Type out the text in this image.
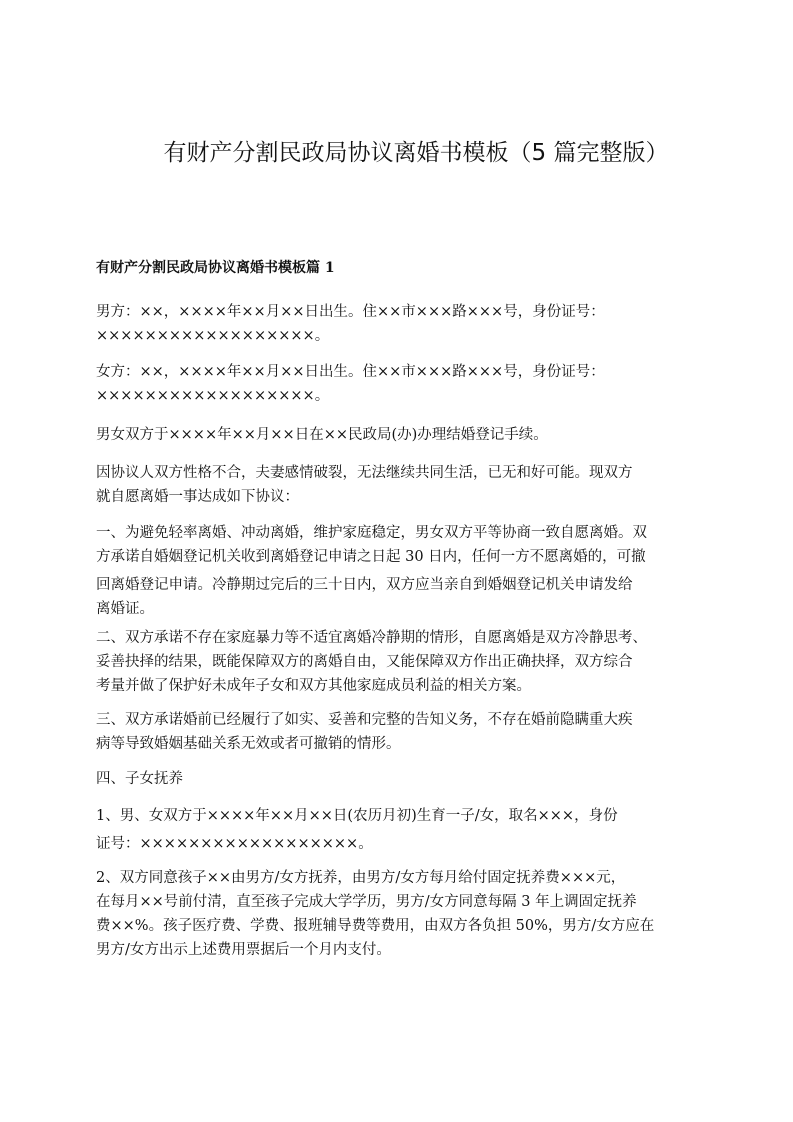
有财产分割民政局协议离婚书模板（5 篇完整版）
有财产分割民政局协议离婚书模板篇 1
男方：××，××××年××月××日出生。住××市×××路×××号，身份证号：
××××××××××××××××××。
女方：××，××××年××月××日出生。住××市×××路×××号，身份证号：
××××××××××××××××××。
男女双方于××××年××月××日在××民政局(办)办理结婚登记手续。
因协议人双方性格不合，夫妻感情破裂，无法继续共同生活，已无和好可能。现双方
就自愿离婚一事达成如下协议：
一、为避免轻率离婚、冲动离婚，维护家庭稳定，男女双方平等协商一致自愿离婚。双
方承诺自婚姻登记机关收到离婚登记申请之日起 30 日内，任何一方不愿离婚的，可撤
回离婚登记申请。冷静期过完后的三十日内，双方应当亲自到婚姻登记机关申请发给
离婚证。
二、双方承诺不存在家庭暴力等不适宜离婚冷静期的情形，自愿离婚是双方冷静思考、
妥善抉择的结果，既能保障双方的离婚自由，又能保障双方作出正确抉择，双方综合
考量并做了保护好未成年子女和双方其他家庭成员利益的相关方案。
三、双方承诺婚前已经履行了如实、妥善和完整的告知义务，不存在婚前隐瞒重大疾
病等导致婚姻基础关系无效或者可撤销的情形。
四、子女抚养
1、男、女双方于××××年××月××日(农历月初)生育一子/女，取名×××，身份
证号：××××××××××××××××××。
2、双方同意孩子××由男方/女方抚养，由男方/女方每月给付固定抚养费×××元，
在每月××号前付清，直至孩子完成大学学历，男方/女方同意每隔 3 年上调固定抚养
费××%。孩子医疗费、学费、报班辅导费等费用，由双方各负担 50%，男方/女方应在
男方/女方出示上述费用票据后一个月内支付。
